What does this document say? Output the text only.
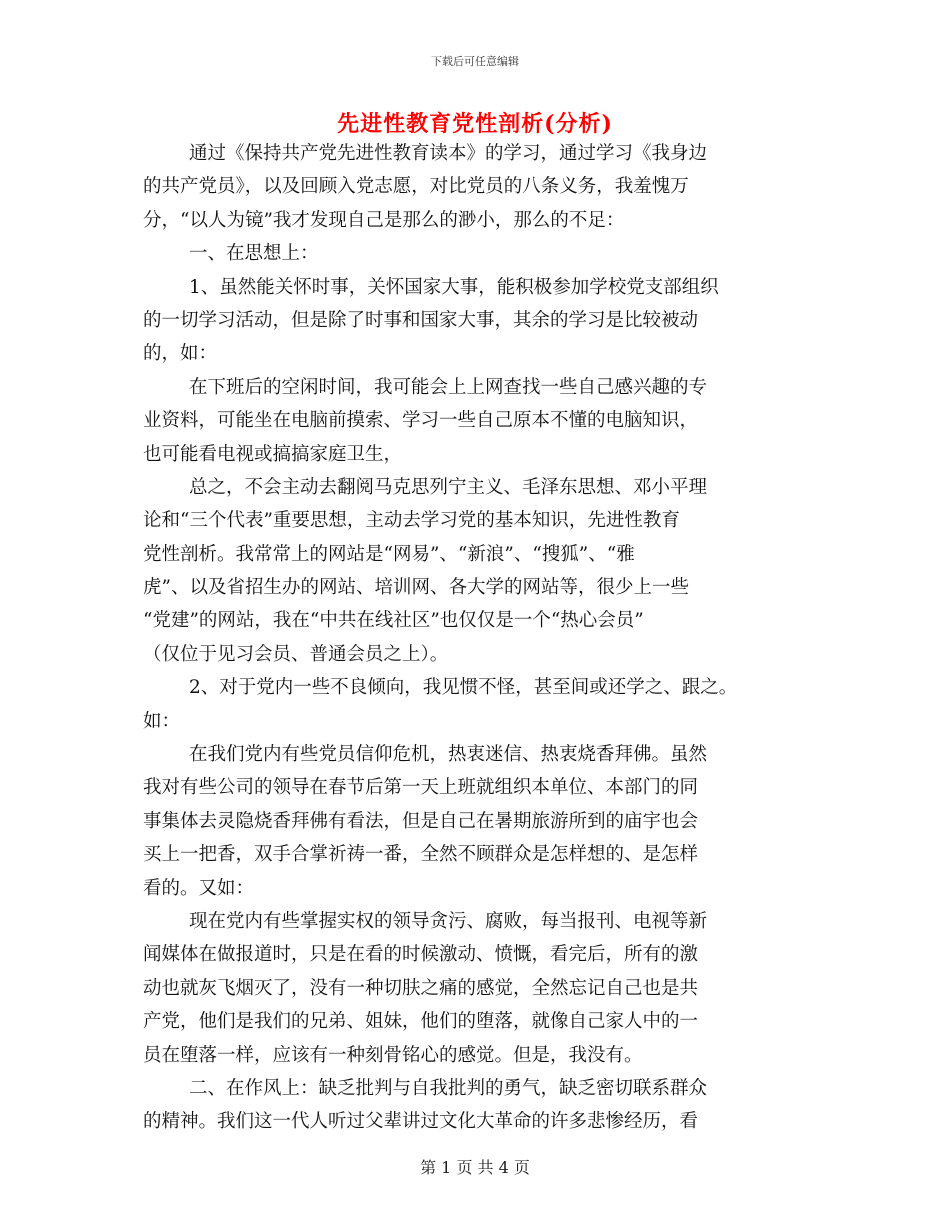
下载后可任意编辑
先进性教育党性剖析(分析)
通过《保持共产党先进性教育读本》的学习，通过学习《我身边
的共产党员》，以及回顾入党志愿，对比党员的八条义务，我羞愧万
分，“以人为镜”我才发现自己是那么的渺小，那么的不足：
一、在思想上：
1、虽然能关怀时事，关怀国家大事，能积极参加学校党支部组织
的一切学习活动，但是除了时事和国家大事，其余的学习是比较被动
的，如：
在下班后的空闲时间，我可能会上上网查找一些自己感兴趣的专
业资料，可能坐在电脑前摸索、学习一些自己原本不懂的电脑知识，
也可能看电视或搞搞家庭卫生，
总之，不会主动去翻阅马克思列宁主义、毛泽东思想、邓小平理
论和“三个代表”重要思想，主动去学习党的基本知识，先进性教育
党性剖析。我常常上的网站是“网易”、“新浪”、“搜狐”、“雅
虎”、以及省招生办的网站、培训网、各大学的网站等，很少上一些
“党建”的网站，我在“中共在线社区”也仅仅是一个“热心会员”
（仅位于见习会员、普通会员之上）。
2、对于党内一些不良倾向，我见惯不怪，甚至间或还学之、跟之。
如：
在我们党内有些党员信仰危机，热衷迷信、热衷烧香拜佛。虽然
我对有些公司的领导在春节后第一天上班就组织本单位、本部门的同
事集体去灵隐烧香拜佛有看法，但是自己在暑期旅游所到的庙宇也会
买上一把香，双手合掌祈祷一番，全然不顾群众是怎样想的、是怎样
看的。又如：
现在党内有些掌握实权的领导贪污、腐败，每当报刊、电视等新
闻媒体在做报道时，只是在看的时候激动、愤慨，看完后，所有的激
动也就灰飞烟灭了，没有一种切肤之痛的感觉，全然忘记自己也是共
产党，他们是我们的兄弟、姐妹，他们的堕落，就像自己家人中的一
员在堕落一样，应该有一种刻骨铭心的感觉。但是，我没有。
二、在作风上：缺乏批判与自我批判的勇气，缺乏密切联系群众
的精神。我们这一代人听过父辈讲过文化大革命的许多悲惨经历，看
第 1 页 共 4 页
